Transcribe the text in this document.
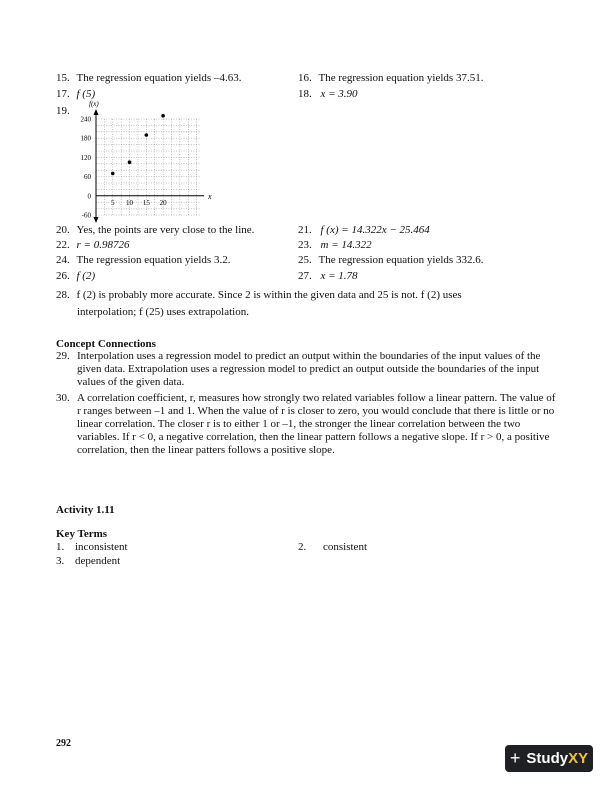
15. The regression equation yields –4.63.	16. The regression equation yields 37.51.
17. f (5)	18. x = 3.90
19.
-60
0
60
120
180
240
5 10 15 20
f(x)
x
20. Yes, the points are very close to the line.	21. f (x) = 14.322x − 25.464
22. r = 0.98726	23. m = 14.322
24. The regression equation yields 3.2.	25. The regression equation yields 332.6.
26. f (2)	27. x = 1.78
28. f (2) is probably more accurate. Since 2 is within the given data and 25 is not. f (2) uses
interpolation; f (25) uses extrapolation.
Concept Connections
29. Interpolation uses a regression model to predict an output within the boundaries of the input values of the given data. Extrapolation uses a regression model to predict an output outside the boundaries of the input values of the given data.
30. A correlation coefficient, r, measures how strongly two related variables follow a linear pattern. The value of r ranges between –1 and 1. When the value of r is closer to zero, you would conclude that there is little or no linear correlation. The closer r is to either 1 or –1, the stronger the linear correlation between the two variables. If r < 0, a negative correlation, then the linear pattern follows a negative slope. If r > 0, a positive correlation, then the linear patters follows a positive slope.
Activity 1.11
Key Terms
1. inconsistent	2. consistent
3. dependent
292
+ Study XY
